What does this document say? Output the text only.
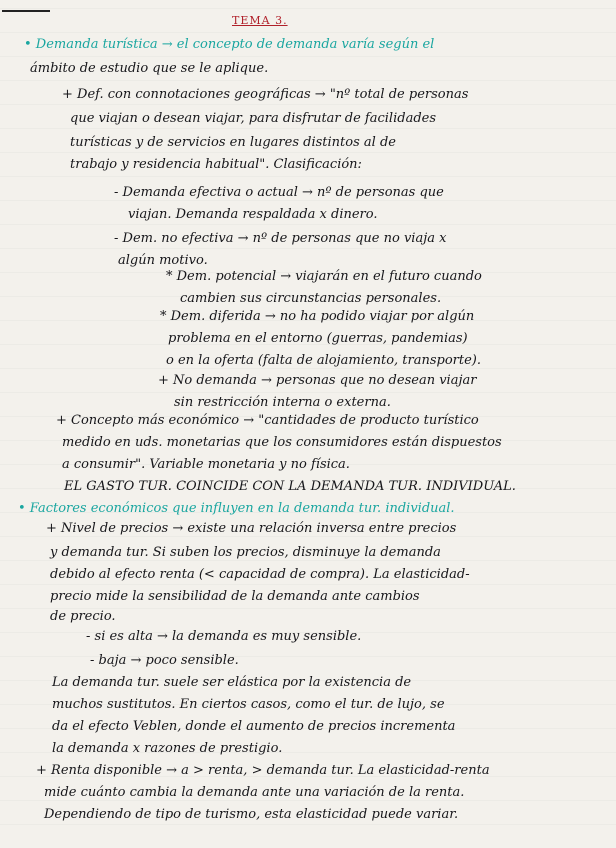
TEMA 3.
• Demanda turística → el concepto de demanda varía según el
ámbito de estudio que se le aplique.
+ Def. con connotaciones geográficas → "nº total de personas
que viajan o desean viajar, para disfrutar de facilidades
turísticas y de servicios en lugares distintos al de
trabajo y residencia habitual". Clasificación:
- Demanda efectiva o actual → nº de personas que
viajan. Demanda respaldada x dinero.
- Dem. no efectiva → nº de personas que no viaja x
algún motivo.
* Dem. potencial → viajarán en el futuro cuando
cambien sus circunstancias personales.
* Dem. diferida → no ha podido viajar por algún
problema en el entorno (guerras, pandemias)
o en la oferta (falta de alojamiento, transporte).
+ No demanda → personas que no desean viajar
sin restricción interna o externa.
+ Concepto más económico → "cantidades de producto turístico
medido en uds. monetarias que los consumidores están dispuestos
a consumir". Variable monetaria y no física.
EL GASTO TUR. COINCIDE CON LA DEMANDA TUR. INDIVIDUAL.
• Factores económicos que influyen en la demanda tur. individual.
+ Nivel de precios → existe una relación inversa entre precios
y demanda tur. Si suben los precios, disminuye la demanda
debido al efecto renta (< capacidad de compra). La elasticidad-
precio mide la sensibilidad de la demanda ante cambios
de precio.
- si es alta → la demanda es muy sensible.
- baja → poco sensible.
La demanda tur. suele ser elástica por la existencia de
muchos sustitutos. En ciertos casos, como el tur. de lujo, se
da el efecto Veblen, donde el aumento de precios incrementa
la demanda x razones de prestigio.
+ Renta disponible → a > renta, > demanda tur. La elasticidad-renta
mide cuánto cambia la demanda ante una variación de la renta.
Dependiendo de tipo de turismo, esta elasticidad puede variar.
